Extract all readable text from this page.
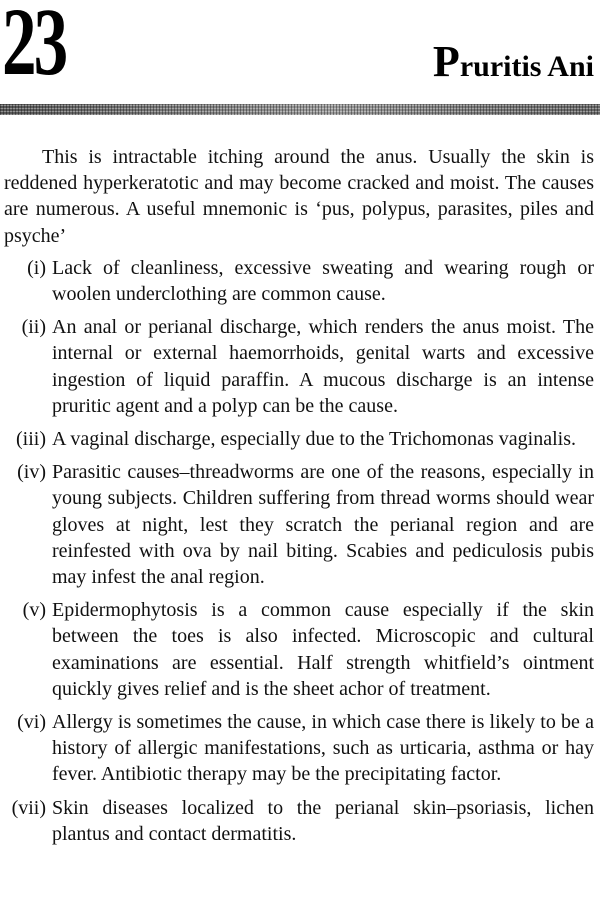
23	Pruritis Ani

This is intractable itching around the anus. Usually the skin is reddened hyperkeratotic and may become cracked and moist. The causes are numerous. A useful mnemonic is ‘pus, polypus, parasites, piles and psyche’

(i) Lack of cleanliness, excessive sweating and wearing rough or woolen underclothing are common cause.
(ii) An anal or perianal discharge, which renders the anus moist. The internal or external haemorrhoids, genital warts and excessive ingestion of liquid paraffin. A mucous discharge is an intense pruritic agent and a polyp can be the cause.
(iii) A vaginal discharge, especially due to the Trichomonas vaginalis.
(iv) Parasitic causes–threadworms are one of the reasons, especially in young subjects. Children suffering from thread worms should wear gloves at night, lest they scratch the perianal region and are reinfested with ova by nail biting. Scabies and pediculosis pubis may infest the anal region.
(v) Epidermophytosis is a common cause especially if the skin between the toes is also infected. Microscopic and cultural examinations are essential. Half strength whitfield’s ointment quickly gives relief and is the sheet achor of treatment.
(vi) Allergy is sometimes the cause, in which case there is likely to be a history of allergic manifestations, such as urticaria, asthma or hay fever. Antibiotic therapy may be the precipitating factor.
(vii) Skin diseases localized to the perianal skin–psoriasis, lichen plantus and contact dermatitis.
